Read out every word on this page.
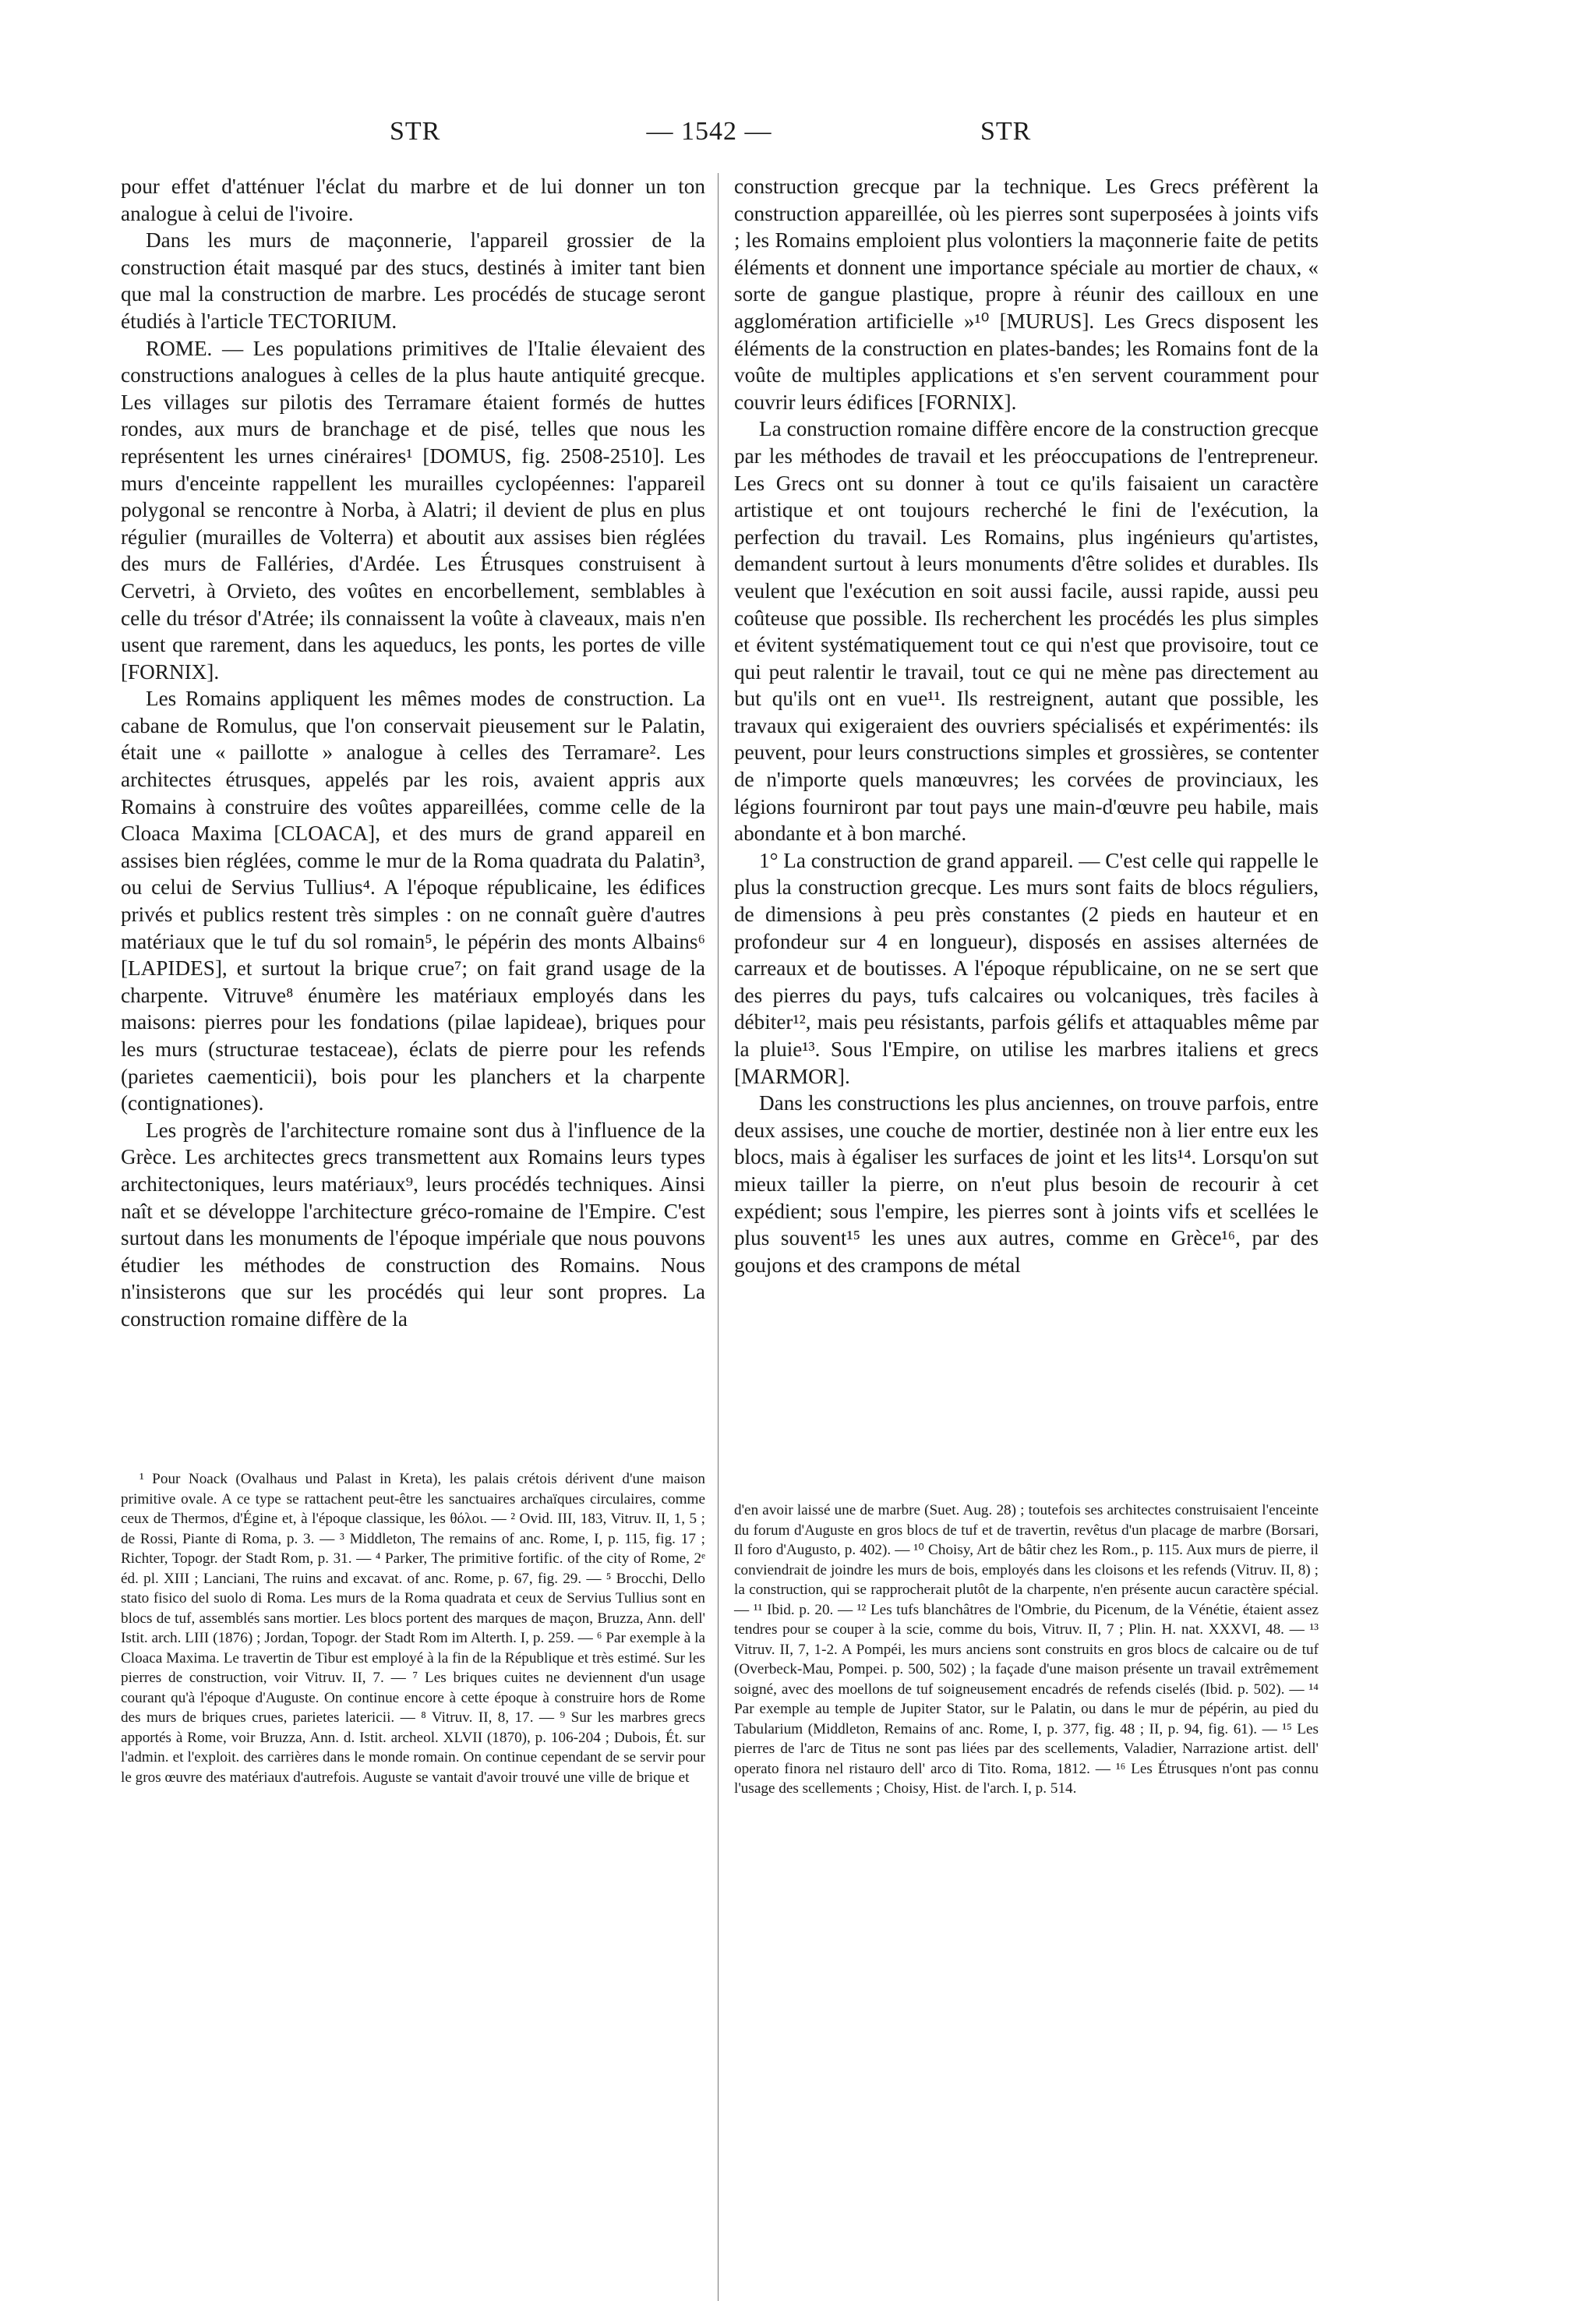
STR	— 1542 —	STR

pour effet d'atténuer l'éclat du marbre et de lui donner un ton analogue à celui de l'ivoire.

Dans les murs de maçonnerie, l'appareil grossier de la construction était masqué par des stucs, destinés à imiter tant bien que mal la construction de marbre. Les procédés de stucage seront étudiés à l'article TECTORIUM.

ROME. — Les populations primitives de l'Italie élevaient des constructions analogues à celles de la plus haute antiquité grecque. Les villages sur pilotis des Terramare étaient formés de huttes rondes, aux murs de branchage et de pisé, telles que nous les représentent les urnes cinéraires¹ [DOMUS, fig. 2508-2510]. Les murs d'enceinte rappellent les murailles cyclopéennes: l'appareil polygonal se rencontre à Norba, à Alatri; il devient de plus en plus régulier (murailles de Volterra) et aboutit aux assises bien réglées des murs de Falléries, d'Ardée. Les Étrusques construisent à Cervetri, à Orvieto, des voûtes en encorbellement, semblables à celle du trésor d'Atrée; ils connaissent la voûte à claveaux, mais n'en usent que rarement, dans les aqueducs, les ponts, les portes de ville [FORNIX].

Les Romains appliquent les mêmes modes de construction. La cabane de Romulus, que l'on conservait pieusement sur le Palatin, était une « paillotte » analogue à celles des Terramare². Les architectes étrusques, appelés par les rois, avaient appris aux Romains à construire des voûtes appareillées, comme celle de la Cloaca Maxima [CLOACA], et des murs de grand appareil en assises bien réglées, comme le mur de la Roma quadrata du Palatin³, ou celui de Servius Tullius⁴. A l'époque républicaine, les édifices privés et publics restent très simples : on ne connaît guère d'autres matériaux que le tuf du sol romain⁵, le pépérin des monts Albains⁶ [LAPIDES], et surtout la brique crue⁷; on fait grand usage de la charpente. Vitruve⁸ énumère les matériaux employés dans les maisons: pierres pour les fondations (pilae lapideae), briques pour les murs (structurae testaceae), éclats de pierre pour les refends (parietes caementicii), bois pour les planchers et la charpente (contignationes).

Les progrès de l'architecture romaine sont dus à l'influence de la Grèce. Les architectes grecs transmettent aux Romains leurs types architectoniques, leurs matériaux⁹, leurs procédés techniques. Ainsi naît et se développe l'architecture gréco-romaine de l'Empire. C'est surtout dans les monuments de l'époque impériale que nous pouvons étudier les méthodes de construction des Romains. Nous n'insisterons que sur les procédés qui leur sont propres. La construction romaine diffère de la

construction grecque par la technique. Les Grecs préfèrent la construction appareillée, où les pierres sont superposées à joints vifs ; les Romains emploient plus volontiers la maçonnerie faite de petits éléments et donnent une importance spéciale au mortier de chaux, « sorte de gangue plastique, propre à réunir des cailloux en une agglomération artificielle »¹⁰ [MURUS]. Les Grecs disposent les éléments de la construction en plates-bandes; les Romains font de la voûte de multiples applications et s'en servent couramment pour couvrir leurs édifices [FORNIX].

La construction romaine diffère encore de la construction grecque par les méthodes de travail et les préoccupations de l'entrepreneur. Les Grecs ont su donner à tout ce qu'ils faisaient un caractère artistique et ont toujours recherché le fini de l'exécution, la perfection du travail. Les Romains, plus ingénieurs qu'artistes, demandent surtout à leurs monuments d'être solides et durables. Ils veulent que l'exécution en soit aussi facile, aussi rapide, aussi peu coûteuse que possible. Ils recherchent les procédés les plus simples et évitent systématiquement tout ce qui n'est que provisoire, tout ce qui peut ralentir le travail, tout ce qui ne mène pas directement au but qu'ils ont en vue¹¹. Ils restreignent, autant que possible, les travaux qui exigeraient des ouvriers spécialisés et expérimentés: ils peuvent, pour leurs constructions simples et grossières, se contenter de n'importe quels manœuvres; les corvées de provinciaux, les légions fourniront par tout pays une main-d'œuvre peu habile, mais abondante et à bon marché.

1° La construction de grand appareil. — C'est celle qui rappelle le plus la construction grecque. Les murs sont faits de blocs réguliers, de dimensions à peu près constantes (2 pieds en hauteur et en profondeur sur 4 en longueur), disposés en assises alternées de carreaux et de boutisses. A l'époque républicaine, on ne se sert que des pierres du pays, tufs calcaires ou volcaniques, très faciles à débiter¹², mais peu résistants, parfois gélifs et attaquables même par la pluie¹³. Sous l'Empire, on utilise les marbres italiens et grecs [MARMOR].

Dans les constructions les plus anciennes, on trouve parfois, entre deux assises, une couche de mortier, destinée non à lier entre eux les blocs, mais à égaliser les surfaces de joint et les lits¹⁴. Lorsqu'on sut mieux tailler la pierre, on n'eut plus besoin de recourir à cet expédient; sous l'empire, les pierres sont à joints vifs et scellées le plus souvent¹⁵ les unes aux autres, comme en Grèce¹⁶, par des goujons et des crampons de métal

¹ Pour Noack (Ovalhaus und Palast in Kreta), les palais crétois dérivent d'une maison primitive ovale. A ce type se rattachent peut-être les sanctuaires archaïques circulaires, comme ceux de Thermos, d'Égine et, à l'époque classique, les θόλοι. — ² Ovid. III, 183, Vitruv. II, 1, 5 ; de Rossi, Piante di Roma, p. 3. — ³ Middleton, The remains of anc. Rome, I, p. 115, fig. 17 ; Richter, Topogr. der Stadt Rom, p. 31. — ⁴ Parker, The primitive fortific. of the city of Rome, 2ᵉ éd. pl. XIII ; Lanciani, The ruins and excavat. of anc. Rome, p. 67, fig. 29. — ⁵ Brocchi, Dello stato fisico del suolo di Roma. Les murs de la Roma quadrata et ceux de Servius Tullius sont en blocs de tuf, assemblés sans mortier. Les blocs portent des marques de maçon, Bruzza, Ann. dell' Istit. arch. LIII (1876) ; Jordan, Topogr. der Stadt Rom im Alterth. I, p. 259. — ⁶ Par exemple à la Cloaca Maxima. Le travertin de Tibur est employé à la fin de la République et très estimé. Sur les pierres de construction, voir Vitruv. II, 7. — ⁷ Les briques cuites ne deviennent d'un usage courant qu'à l'époque d'Auguste. On continue encore à cette époque à construire hors de Rome des murs de briques crues, parietes latericii. — ⁸ Vitruv. II, 8, 17. — ⁹ Sur les marbres grecs apportés à Rome, voir Bruzza, Ann. d. Istit. archeol. XLVII (1870), p. 106-204 ; Dubois, Ét. sur l'admin. et l'exploit. des carrières dans le monde romain. On continue cependant de se servir pour le gros œuvre des matériaux d'autrefois. Auguste se vantait d'avoir trouvé une ville de brique et

d'en avoir laissé une de marbre (Suet. Aug. 28) ; toutefois ses architectes construisaient l'enceinte du forum d'Auguste en gros blocs de tuf et de travertin, revêtus d'un placage de marbre (Borsari, Il foro d'Augusto, p. 402). — ¹⁰ Choisy, Art de bâtir chez les Rom., p. 115. Aux murs de pierre, il conviendrait de joindre les murs de bois, employés dans les cloisons et les refends (Vitruv. II, 8) ; la construction, qui se rapprocherait plutôt de la charpente, n'en présente aucun caractère spécial. — ¹¹ Ibid. p. 20. — ¹² Les tufs blanchâtres de l'Ombrie, du Picenum, de la Vénétie, étaient assez tendres pour se couper à la scie, comme du bois, Vitruv. II, 7 ; Plin. H. nat. XXXVI, 48. — ¹³ Vitruv. II, 7, 1-2. A Pompéi, les murs anciens sont construits en gros blocs de calcaire ou de tuf (Overbeck-Mau, Pompei. p. 500, 502) ; la façade d'une maison présente un travail extrêmement soigné, avec des moellons de tuf soigneusement encadrés de refends ciselés (Ibid. p. 502). — ¹⁴ Par exemple au temple de Jupiter Stator, sur le Palatin, ou dans le mur de pépérin, au pied du Tabularium (Middleton, Remains of anc. Rome, I, p. 377, fig. 48 ; II, p. 94, fig. 61). — ¹⁵ Les pierres de l'arc de Titus ne sont pas liées par des scellements, Valadier, Narrazione artist. dell' operato finora nel ristauro dell' arco di Tito. Roma, 1812. — ¹⁶ Les Étrusques n'ont pas connu l'usage des scellements ; Choisy, Hist. de l'arch. I, p. 514.
